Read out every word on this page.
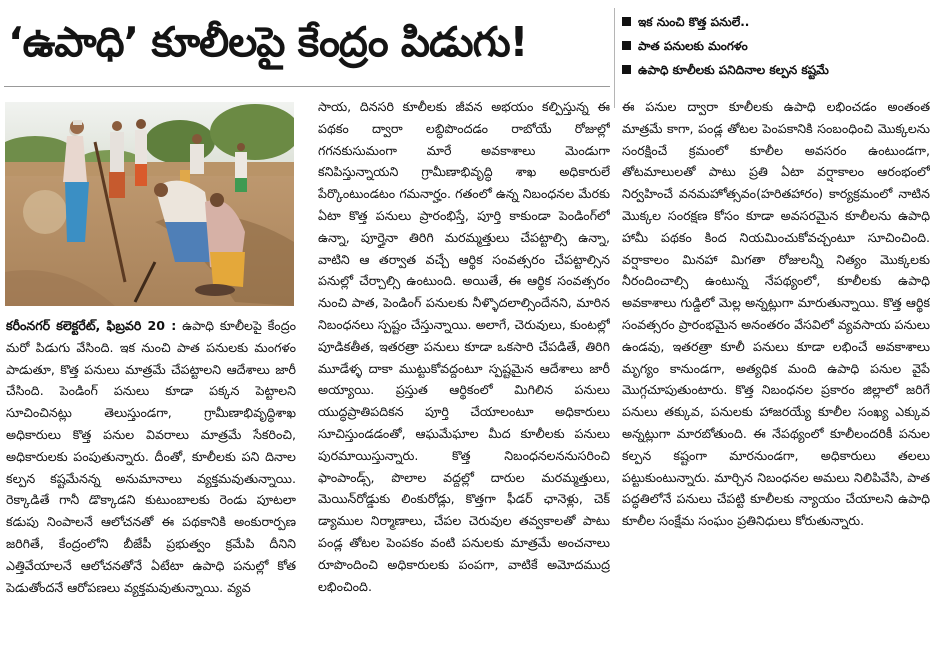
‘ఉపాధి’ కూలీలపై కేంద్రం పిడుగు!	ఇక నుంచి కొత్త పనులే..
పాత పనులకు మంగళం
ఉపాధి కూలీలకు పనిదినాల కల్పన కష్టమే
కరీంనగర్ కలెక్టరేట్, ఫిబ్రవరి 20 : ఉపాధి కూలీలపై కేంద్రం మరో పిడుగు వేసింది. ఇక నుంచి పాత పనులకు మంగళం పాడుతూ, కొత్త పనులు మాత్రమే చేపట్టాలని ఆదేశాలు జారీ చేసింది. పెండింగ్ పనులు కూడా పక్కన పెట్టాలని సూచించినట్లు తెలుస్తుండగా, గ్రామీణాభివృద్ధిశాఖ అధికారులు కొత్త పనుల వివరాలు మాత్రమే సేకరించి, అధికారులకు పంపుతున్నారు. దీంతో, కూలీలకు పని దినాల కల్పన కష్టమేనన్న అనుమానాలు వ్యక్తమవుతున్నాయి. రెక్కాడితే గానీ డొక్కాడని కుటుంబాలకు రెండు పూటలా కడుపు నింపాలనే ఆలోచనతో ఈ పథకానికి అంకురార్పణ జరిగితే, కేంద్రంలోని బీజేపీ ప్రభుత్వం క్రమేపి దీనిని ఎత్తివేయాలనే ఆలోచనతోనే ఏటేటా ఉపాధి పనుల్లో కోత పెడుతోందనే ఆరోపణలు వ్యక్తమవుతున్నాయి. వ్యవ
సాయ, దినసరి కూలీలకు జీవన అభయం కల్పిస్తున్న ఈ పథకం ద్వారా లబ్ధిపొందడం రాబోయే రోజుల్లో గగనకుసుమంగా మారే అవకాశాలు మెండుగా కనిపిస్తున్నాయని గ్రామీణాభివృద్ధి శాఖ అధికారులే పేర్కొంటుండటం గమనార్హం. గతంలో ఉన్న నిబంధనల మేరకు ఏటా కొత్త పనులు ప్రారంభిస్తే, పూర్తి కాకుండా పెండింగ్‌లో ఉన్నా, పూర్తైనా తిరిగి మరమ్మత్తులు చేపట్టాల్సి ఉన్నా, వాటిని ఆ తర్వాత వచ్చే ఆర్థిక సంవత్సరం చేపట్టాల్సిన పనుల్లో చేర్చాల్సి ఉంటుంది. అయితే, ఈ ఆర్థిక సంవత్సరం నుంచి పాత, పెండింగ్ పనులకు నీళ్ళొదలాల్సిందేనని, మారిన నిబంధనలు స్పష్టం చేస్తున్నాయి. అలాగే, చెరువులు, కుంటల్లో పూడికతీత, ఇతరత్రా పనులు కూడా ఒకసారి చేపడితే, తిరిగి మూడేళ్ళ దాకా ముట్టుకోవద్దంటూ స్పష్టమైన ఆదేశాలు జారీ అయ్యాయి. ప్రస్తుత ఆర్థికంలో మిగిలిన పనులు యుద్ధప్రాతిపదికన పూర్తి చేయాలంటూ అధికారులు సూచిస్తుండడంతో, ఆఘమేఘాల మీద కూలీలకు పనులు పురమాయిస్తున్నారు. కొత్త నిబంధనలననుసరించి ఫాంపాండ్స్, పొలాల వద్దల్లో దారుల మరమ్మత్తులు, మెయిన్‌రోడ్డుకు లింకురోడ్లు, కొత్తగా ఫీడర్ ఛానెళ్లు, చెక్ డ్యాముల నిర్మాణాలు, చేపల చెరువుల తవ్వకాలతో పాటు పండ్ల తోటల పెంపకం వంటి పనులకు మాత్రమే అంచనాలు రూపొందించి అధికారులకు పంపగా, వాటికే అమోదముద్ర లభించింది.
ఈ పనుల ద్వారా కూలీలకు ఉపాధి లభించడం అంతంత మాత్రమే కాగా, పండ్ల తోటల పెంపకానికి సంబంధించి మొక్కలను సంరక్షించే క్రమంలో కూలీల అవసరం ఉంటుండగా, తోటమాలులతో పాటు ప్రతి ఏటా వర్షాకాలం ఆరంభంలో నిర్వహించే వనమహోత్సవం(హరితహారం) కార్యక్రమంలో నాటిన మొక్కల సంరక్షణ కోసం కూడా అవసరమైన కూలీలను ఉపాధి హామీ పథకం కింద నియమించుకోవచ్చంటూ సూచించింది. వర్షాకాలం మినహా మిగతా రోజులన్నీ నిత్యం మొక్కలకు నీరందించాల్సి ఉంటున్న నేపథ్యంలో, కూలీలకు ఉపాధి అవకాశాలు గుడ్డిలో మెల్ల అన్నట్లుగా మారుతున్నాయి. కొత్త ఆర్థిక సంవత్సరం ప్రారంభమైన అనంతరం వేసవిలో వ్యవసాయ పనులు ఉండవు, ఇతరత్రా కూలీ పనులు కూడా లభించే అవకాశాలు మృగ్యం కానుండగా, అత్యధిక మంది ఉపాధి పనుల వైపే మొగ్గచూపుతుంటారు. కొత్త నిబంధనల ప్రకారం జిల్లాలో జరిగే పనులు తక్కువ, పనులకు హాజరయ్యే కూలీల సంఖ్య ఎక్కువ అన్నట్లుగా మారబోతుంది. ఈ నేపథ్యంలో కూలీలందరికీ పనుల కల్పన కష్టంగా మారనుండగా, అధికారులు తలలు పట్టుకుంటున్నారు. మార్చిన నిబంధనల అమలు నిలిపివేసి, పాత పద్ధతిలోనే పనులు చేపట్టి కూలీలకు న్యాయం చేయాలని ఉపాధి కూలీల సంక్షేమ సంఘం ప్రతినిధులు కోరుతున్నారు.
